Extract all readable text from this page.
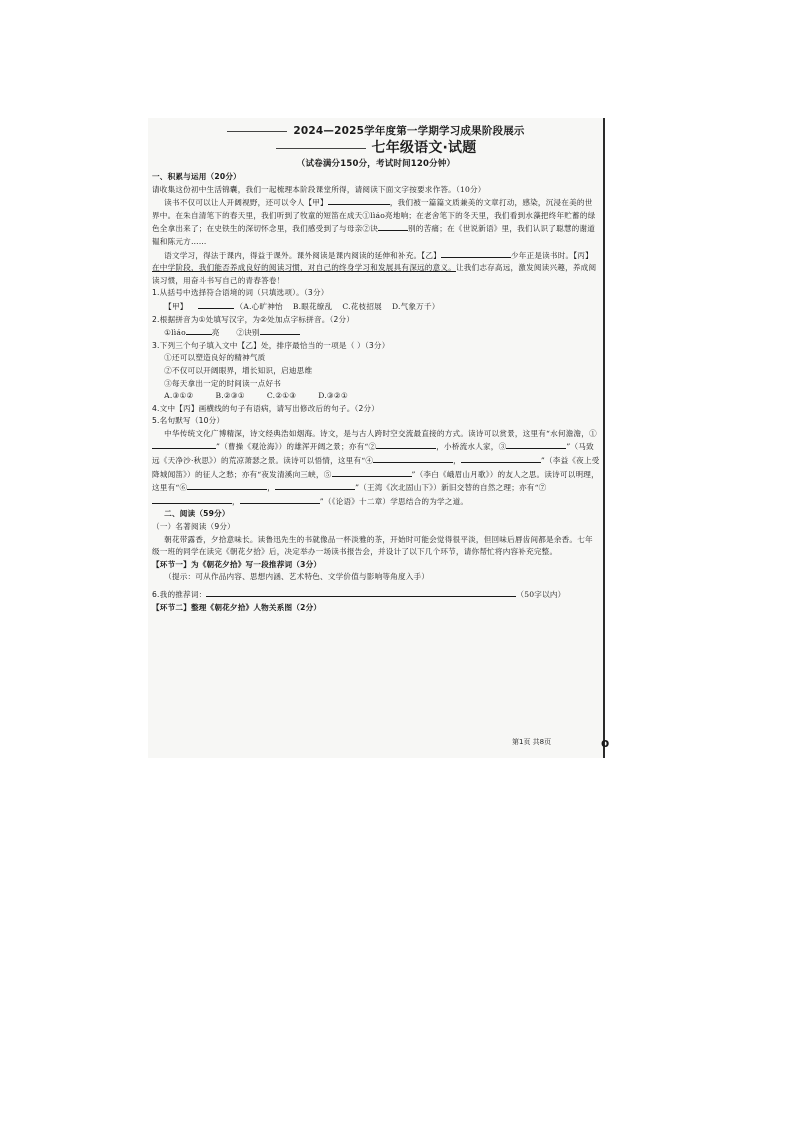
2024—2025学年度第一学期学习成果阶段展示
七年级语文·试题
（试卷满分150分，考试时间120分钟）
一、积累与运用（20分）
请收集这份初中生活锦囊，我们一起梳理本阶段课堂所得，请阅读下面文字按要求作答。（10分）
读书不仅可以让人开阔视野，还可以令人【甲】	，我们被一篇篇文质兼美的文章打动，感染，沉浸在美的世界中。在朱自清笔下的春天里，我们听到了牧童的短笛在成天①lìáo亮地响；在老舍笔下的冬天里，我们看到水藻把终年贮蓄的绿色全拿出来了；在史铁生的深切怀念里，我们感受到了与母亲②诀	别的苦痛；在《世说新语》里，我们认识了聪慧的谢道韫和陈元方……
语文学习，得法于课内，得益于课外。课外阅读是课内阅读的延伸和补充。【乙】	少年正是读书时。【丙】在中学阶段，我们能否养成良好的阅读习惯，对自己的终身学习和发展具有深远的意义。让我们志存高远，激发阅读兴趣，养成阅读习惯，用奋斗书写自己的青春答卷！
1.从括号中选择符合语境的词（只填选项）。（3分）
【甲】	（A.心旷神怡 B.眼花缭乱 C.花枝招展 D.气象万千）
2.根据拼音为①处填写汉字，为②处加点字标拼音。（2分）
①lìáo	亮 ②诀别
3.下列三个句子填入文中【乙】处，排序最恰当的一项是（ ）（3分）
①还可以塑造良好的精神气质
②不仅可以开阔眼界，增长知识，启迪思维
③每天拿出一定的时间读一点好书
A.③①②	B.②③①	C.②①③	D.③②①
4.文中【丙】画横线的句子有语病，请写出修改后的句子。（2分）
5.名句默写（10分）
中华传统文化广博精深，诗文经典浩如烟海。诗文，是与古人跨时空交流最直接的方式。读诗可以赏景，这里有“水何澹澹，①”（曹操《观沧海》）的雄浑开阔之景；亦有“②	，小桥流水人家，③	”（马致远《天净沙·秋思》）的荒凉萧瑟之景。读诗可以悟情，这里有“④	，	”（李益《夜上受降城闻笛》）的征人之愁；亦有“夜发清溪向三峡，⑤	”（李白《峨眉山月歌》）的友人之思。读诗可以明理，这里有“⑥	，	”（王湾《次北固山下》）新旧交替的自然之理；亦有“⑦，	”（《论语》十二章）学思结合的为学之道。
二、阅读（59分）
（一）名著阅读（9分）
朝花带露香，夕拾意味长。读鲁迅先生的书就像品一杯淡雅的茶，开始时可能会觉得很平淡，但回味后唇齿间都是余香。七年级一班的同学在读完《朝花夕拾》后，决定举办一场读书报告会，并设计了以下几个环节，请你帮忙将内容补充完整。
【环节一】为《朝花夕拾》写一段推荐词（3分）
（提示：可从作品内容、思想内涵、艺术特色、文学价值与影响等角度入手）
6.我的推荐词：	（50字以内）
【环节二】整理《朝花夕拾》人物关系图（2分）
第1页 共8页	o
